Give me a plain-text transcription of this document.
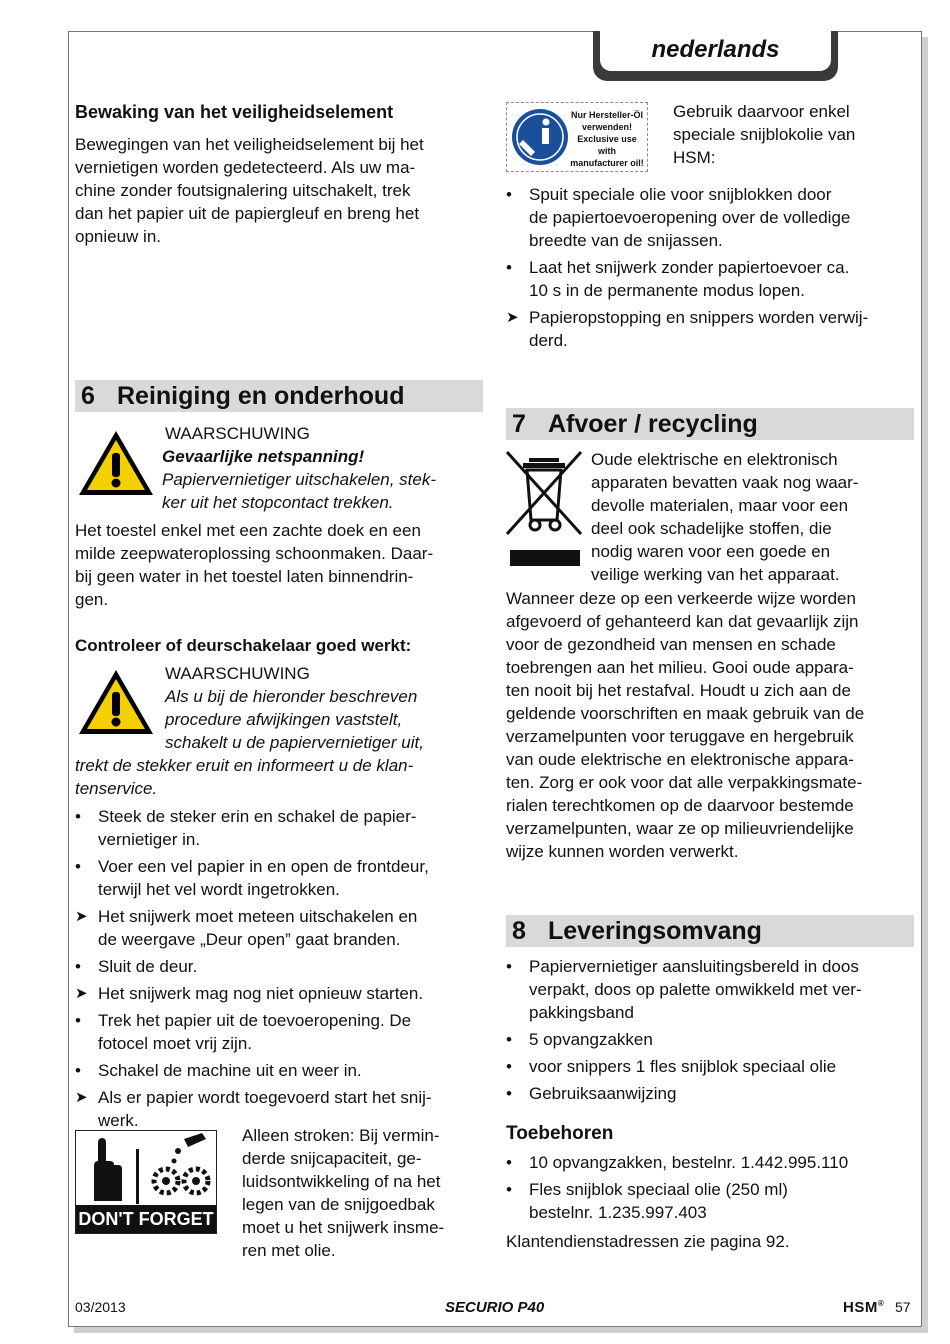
nederlands
Bewaking van het veiligheidselement
Bewegingen van het veiligheidselement bij het
vernietigen worden gedetecteerd. Als uw ma-
chine zonder foutsignalering uitschakelt, trek
dan het papier uit de papiergleuf en breng het
opnieuw in.
6 Reiniging en onderhoud
WAARSCHUWING
Gevaarlijke netspanning!
Papiervernietiger uitschakelen, stek-
ker uit het stopcontact trekken.
Het toestel enkel met een zachte doek en een
milde zeepwateroplossing schoonmaken. Daar-
bij geen water in het toestel laten binnendrin-
gen.
Controleer of deurschakelaar goed werkt:
WAARSCHUWING
Als u bij de hieronder beschreven
procedure afwijkingen vaststelt,
schakelt u de papiervernietiger uit,
trekt de stekker eruit en informeert u de klan-
tenservice.
•	Steek de steker erin en schakel de papier-
vernietiger in.
•	Voer een vel papier in en open de frontdeur,
terwijl het vel wordt ingetrokken.
➤ Het snijwerk moet meteen uitschakelen en
de weergave „Deur open” gaat branden.
•	Sluit de deur.
➤ Het snijwerk mag nog niet opnieuw starten.
•	Trek het papier uit de toevoeropening. De
fotocel moet vrij zijn.
•	Schakel de machine uit en weer in.
➤ Als er papier wordt toegevoerd start het snij-
werk.
DON'T FORGET
Alleen stroken: Bij vermin-
derde snijcapaciteit, ge-
luidsontwikkeling of na het
legen van de snijgoedbak
moet u het snijwerk insme-
ren met olie.
HSM
Nur Hersteller-Öl
verwenden!
Exclusive use with
manufacturer oil!
Gebruik daarvoor enkel
speciale snijblokolie van
HSM:
•	Spuit speciale olie voor snijblokken door
de papiertoevoeropening over de volledige
breedte van de snijassen.
•	Laat het snijwerk zonder papiertoevoer ca.
10 s in de permanente modus lopen.
➤ Papieropstopping en snippers worden verwij-
derd.
7 Afvoer / recycling
Oude elektrische en elektronisch
apparaten bevatten vaak nog waar-
devolle materialen, maar voor een
deel ook schadelijke stoffen, die
nodig waren voor een goede en
veilige werking van het apparaat.
Wanneer deze op een verkeerde wijze worden
afgevoerd of gehanteerd kan dat gevaarlijk zijn
voor de gezondheid van mensen en schade
toebrengen aan het milieu. Gooi oude appara-
ten nooit bij het restafval. Houdt u zich aan de
geldende voorschriften en maak gebruik van de
verzamelpunten voor teruggave en hergebruik
van oude elektrische en elektronische appara-
ten. Zorg er ook voor dat alle verpakkingsmate-
rialen terechtkomen op de daarvoor bestemde
verzamelpunten, waar ze op milieuvriendelijke
wijze kunnen worden verwerkt.
8 Leveringsomvang
•	Papiervernietiger aansluitingsbereld in doos
verpakt, doos op palette omwikkeld met ver-
pakkingsband
•	5 opvangzakken
•	voor snippers 1 fles snijblok speciaal olie
•	Gebruiksaanwijzing
Toebehoren
•	10 opvangzakken, bestelnr. 1.442.995.110
•	Fles snijblok speciaal olie (250 ml)
bestelnr. 1.235.997.403
Klantendienstadressen zie pagina 92.
03/2013	SECURIO P40	HSM® 57
